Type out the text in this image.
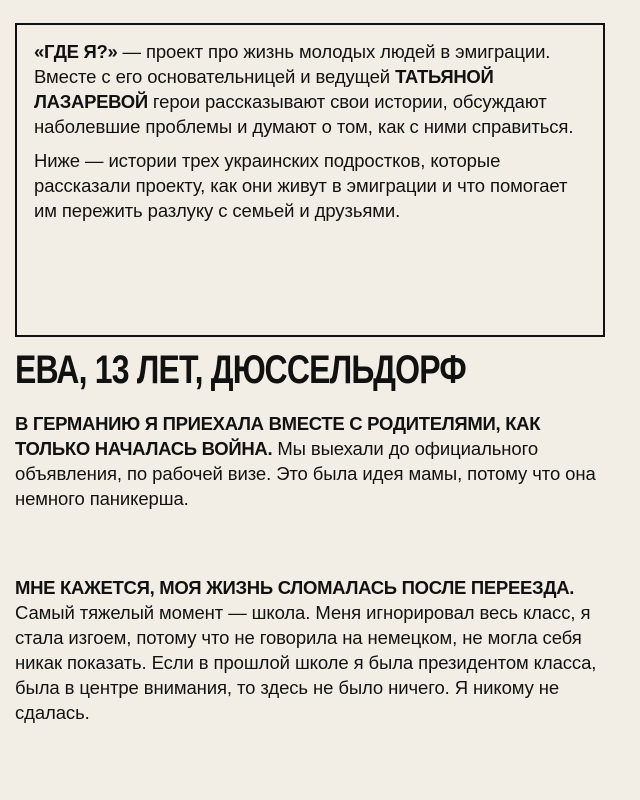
«ГДЕ Я?» — проект про жизнь молодых людей в эмиграции. Вместе с его основательницей и ведущей ТАТЬЯНОЙ ЛАЗАРЕВОЙ герои рассказывают свои истории, обсуждают наболевшие проблемы и думают о том, как с ними справиться.

Ниже — истории трех украинских подростков, которые рассказали проекту, как они живут в эмиграции и что помогает им пережить разлуку с семьей и друзьями.

ЕВА, 13 ЛЕТ, ДЮССЕЛЬДОРФ

В ГЕРМАНИЮ Я ПРИЕХАЛА ВМЕСТЕ С РОДИТЕЛЯМИ, КАК ТОЛЬКО НАЧАЛАСЬ ВОЙНА. Мы выехали до официального объявления, по рабочей визе. Это была идея мамы, потому что она немного паникерша.

МНЕ КАЖЕТСЯ, МОЯ ЖИЗНЬ СЛОМАЛАСЬ ПОСЛЕ ПЕРЕЕЗДА. Самый тяжелый момент — школа. Меня игнорировал весь класс, я стала изгоем, потому что не говорила на немецком, не могла себя никак показать. Если в прошлой школе я была президентом класса, была в центре внимания, то здесь не было ничего. Я никому не сдалась.
